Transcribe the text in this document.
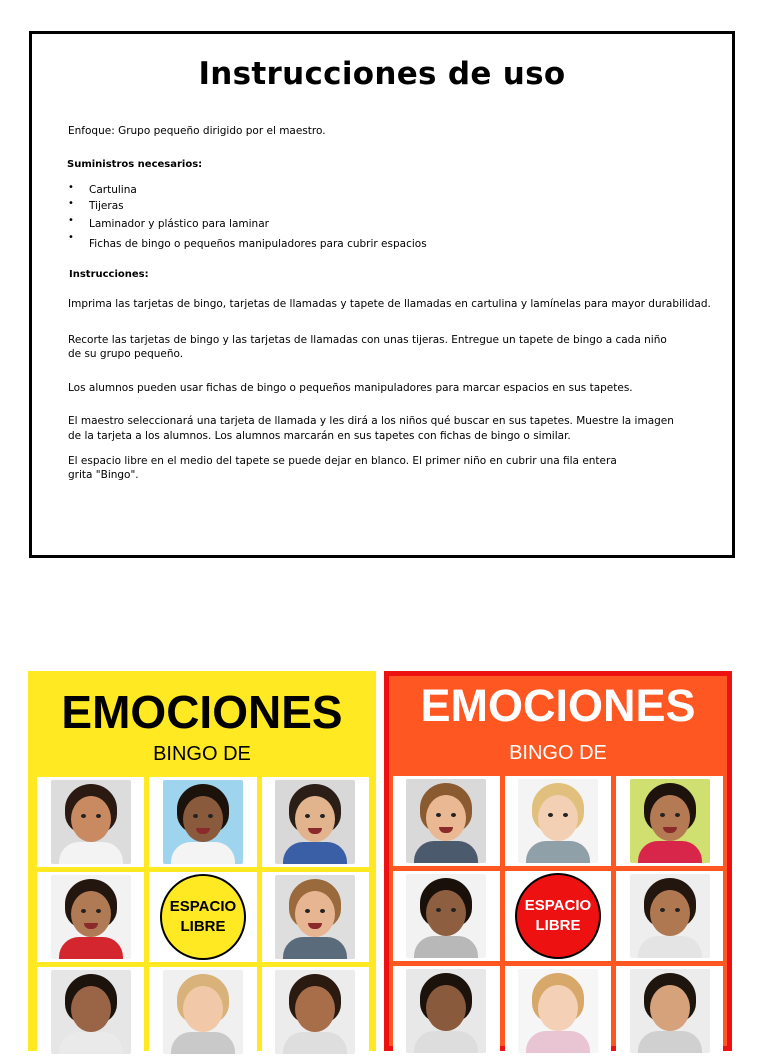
Instrucciones de uso
Enfoque: Grupo pequeño dirigido por el maestro.
Suministros necesarios:
• Cartulina
• Tijeras
• Laminador y plástico para laminar
•
Fichas de bingo o pequeños manipuladores para cubrir espacios
Instrucciones:
Imprima las tarjetas de bingo, tarjetas de llamadas y tapete de llamadas en cartulina y lamínelas para mayor durabilidad.
Recorte las tarjetas de bingo y las tarjetas de llamadas con unas tijeras. Entregue un tapete de bingo a cada niño
de su grupo pequeño.
Los alumnos pueden usar fichas de bingo o pequeños manipuladores para marcar espacios en sus tapetes.
El maestro seleccionará una tarjeta de llamada y les dirá a los niños qué buscar en sus tapetes. Muestre la imagen
de la tarjeta a los alumnos. Los alumnos marcarán en sus tapetes con fichas de bingo o similar.
El espacio libre en el medio del tapete se puede dejar en blanco. El primer niño en cubrir una fila entera
grita "Bingo".
EMOCIONES
BINGO DE
ESPACIO
LIBRE
EMOCIONES
BINGO DE
ESPACIO
LIBRE
